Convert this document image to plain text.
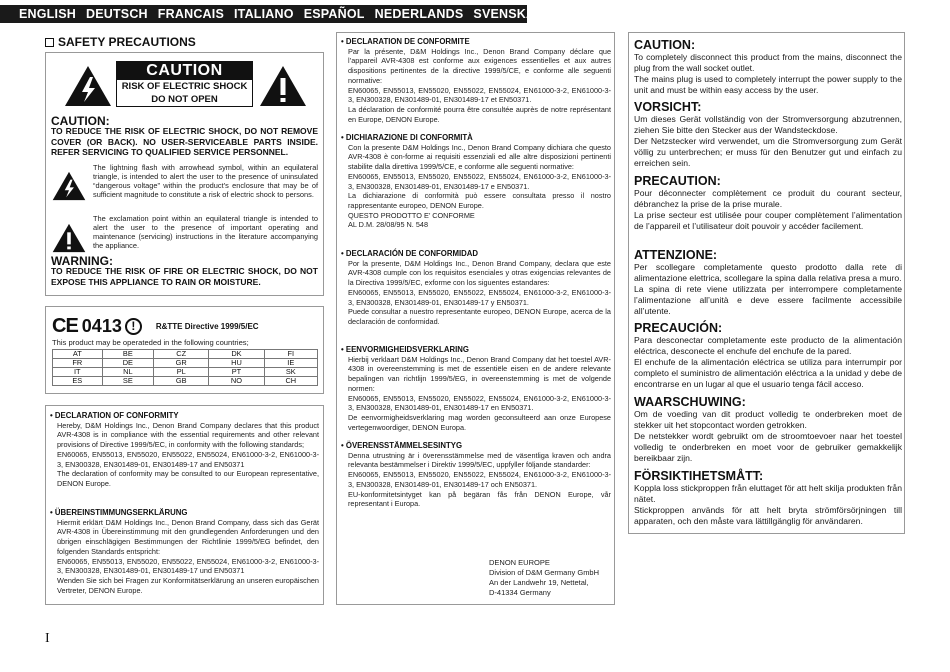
ENGLISH DEUTSCH FRANCAIS ITALIANO ESPAÑOL NEDERLANDS SVENSKA
SAFETY PRECAUTIONS
CAUTION
RISK OF ELECTRIC SHOCK
DO NOT OPEN
CAUTION:
TO REDUCE THE RISK OF ELECTRIC SHOCK, DO NOT REMOVE COVER (OR BACK). NO USER-SERVICEABLE PARTS INSIDE. REFER SERVICING TO QUALIFIED SERVICE PERSONNEL.
The lightning flash with arrowhead symbol, within an equilateral triangle, is intended to alert the user to the presence of uninsulated “dangerous voltage” within the product’s enclosure that may be of sufficient magnitude to constitute a risk of electric shock to persons.
The exclamation point within an equilateral triangle is intended to alert the user to the presence of important operating and maintenance (servicing) instructions in the literature accompanying the appliance.
WARNING:
TO REDUCE THE RISK OF FIRE OR ELECTRIC SHOCK, DO NOT EXPOSE THIS APPLIANCE TO RAIN OR MOISTURE.
CE 0413 !	R&TTE Directive 1999/5/EC
This product may be operateded in the following countries;
AT	BE	CZ	DK	FI
FR	DE	GR	HU	IE
IT	NL	PL	PT	SK
ES	SE	GB	NO	CH
• DECLARATION OF CONFORMITY

Hereby, D&M Holdings Inc., Denon Brand Company declares that this product AVR-4308 is in compliance with the essential requirements and other relevant provisions of Directive 1999/5/EC, in conformity with the following standards;
EN60065, EN55013, EN55020, EN55022, EN55024, EN61000-3-2, EN61000-3-3, EN300328, EN301489-01, EN301489-17 and EN50371
The declaration of conformity may be consulted to our European representative, DENON Europe.

• ÜBEREINSTIMMUNGSERKLÄRUNG

Hiermit erklärt D&M Holdings Inc., Denon Brand Company, dass sich das Gerät AVR-4308 in Übereinstimmung mit den grundlegenden Anforderungen und den übrigen einschlägigen Bestimmungen der Richtlinie 1999/5/EG befindet, den folgenden Standards entspricht:
EN60065, EN55013, EN55020, EN55022, EN55024, EN61000-3-2, EN61000-3-3, EN300328, EN301489-01, EN301489-17 und EN50371
Wenden Sie sich bei Fragen zur Konformitätserklärung an unseren europäischen Vertreter, DENON Europe.

• DECLARATION DE CONFORMITE

Par la présente, D&M Holdings Inc., Denon Brand Company déclare que l’appareil AVR-4308 est conforme aux exigences essentielles et aux autres dispositions pertinentes de la directive 1999/5/CE, e conforme alle seguenti normative:
EN60065, EN55013, EN55020, EN55022, EN55024, EN61000-3-2, EN61000-3-3, EN300328, EN301489-01, EN301489-17 et EN50371.
La déclaration de conformité pourra être consultée auprès de notre représentant en Europe, DENON Europe.

• DICHIARAZIONE DI CONFORMITÀ

Con la presente D&M Holdings Inc., Denon Brand Company dichiara che questo AVR-4308 è con-forme ai requisiti essenziali ed alle altre disposizioni pertinenti stabilite dalla direttiva 1999/5/CE, e conforme alle seguenti normative:
EN60065, EN55013, EN55020, EN55022, EN55024, EN61000-3-2, EN61000-3-3, EN300328, EN301489-01, EN301489-17 e EN50371.
La dichiarazione di conformità può essere consultata presso il nostro rappresentante europeo, DENON Europe.
QUESTO PRODOTTO E’ CONFORME
AL D.M. 28/08/95 N. 548

• DECLARACIÓN DE CONFORMIDAD

Por la presente, D&M Holdings Inc., Denon Brand Company, declara que este AVR-4308 cumple con los requisitos esenciales y otras exigencias relevantes de la Directiva 1999/5/EC, exforme con los siguentes estandares:
EN60065, EN55013, EN55020, EN55022, EN55024, EN61000-3-2, EN61000-3-3, EN300328, EN301489-01, EN301489-17 y EN50371.
Puede consultar a nuestro representante europeo, DENON Europe, acerca de la declaración de conformidad.

• EENVORMIGHEIDSVERKLARING

Hierbij verklaart D&M Holdings Inc., Denon Brand Company dat het toestel AVR-4308 in overeenstemming is met de essentiële eisen en de andere relevante bepalingen van richtlijn 1999/5/EG, in overeenstemming is met de volgende normen:
EN60065, EN55013, EN55020, EN55022, EN55024, EN61000-3-2, EN61000-3-3, EN300328, EN301489-01, EN301489-17 en EN50371.
De eenvormigheidsverklaring mag worden geconsulteerd aan onze Europese vertegenwoordiger, DENON Europa.

• ÖVERENSSTÄMMELSESINTYG

Denna utrustning är i överensstämmelse med de väsentliga kraven och andra relevanta bestämmelser i Direktiv 1999/5/EC, uppfyller följande standarder:
EN60065, EN55013, EN55020, EN55022, EN55024, EN61000-3-2, EN61000-3-3, EN300328, EN301489-01, EN301489-17 och EN50371.
EU-konformitetsintyget kan på begäran fås från DENON Europe, vår representant i Europa.

DENON EUROPE
Division of D&M Germany GmbH
An der Landwehr 19, Nettetal,
D-41334 Germany
CAUTION:
To completely disconnect this product from the mains, disconnect the plug from the wall socket outlet.
The mains plug is used to completely interrupt the power supply to the unit and must be within easy access by the user.
VORSICHT:
Um dieses Gerät vollständig von der Stromversorgung abzutrennen, ziehen Sie bitte den Stecker aus der Wandsteckdose.
Der Netzstecker wird verwendet, um die Stromversorgung zum Gerät völlig zu unterbrechen; er muss für den Benutzer gut und einfach zu erreichen sein.
PRECAUTION:
Pour déconnecter complètement ce produit du courant secteur, débranchez la prise de la prise murale.
La prise secteur est utilisée pour couper complètement l’alimentation de l’appareil et l’utilisateur doit pouvoir y accéder facilement.
ATTENZIONE:
Per scollegare completamente questo prodotto dalla rete di alimentazione elettrica, scollegare la spina dalla relativa presa a muro.
La spina di rete viene utilizzata per interrompere completamente l’alimentazione all’unità e deve essere facilmente accessibile all’utente.
PRECAUCIÓN:
Para desconectar completamente este producto de la alimentación eléctrica, desconecte el enchufe del enchufe de la pared.
El enchufe de la alimentación eléctrica se utiliza para interrumpir por completo el suministro de alimentación eléctrica a la unidad y debe de encontrarse en un lugar al que el usuario tenga fácil acceso.
WAARSCHUWING:
Om de voeding van dit product volledig te onderbreken moet de stekker uit het stopcontact worden getrokken.
De netstekker wordt gebruikt om de stroomtoevoer naar het toestel volledig te onderbreken en moet voor de gebruiker gemakkelijk bereikbaar zijn.
FÖRSIKTIHETSMÅTT:
Koppla loss stickproppen från eluttaget för att helt skilja produkten från nätet.
Stickproppen används för att helt bryta strömförsörjningen till apparaten, och den måste vara lättillgänglig för användaren.
I
